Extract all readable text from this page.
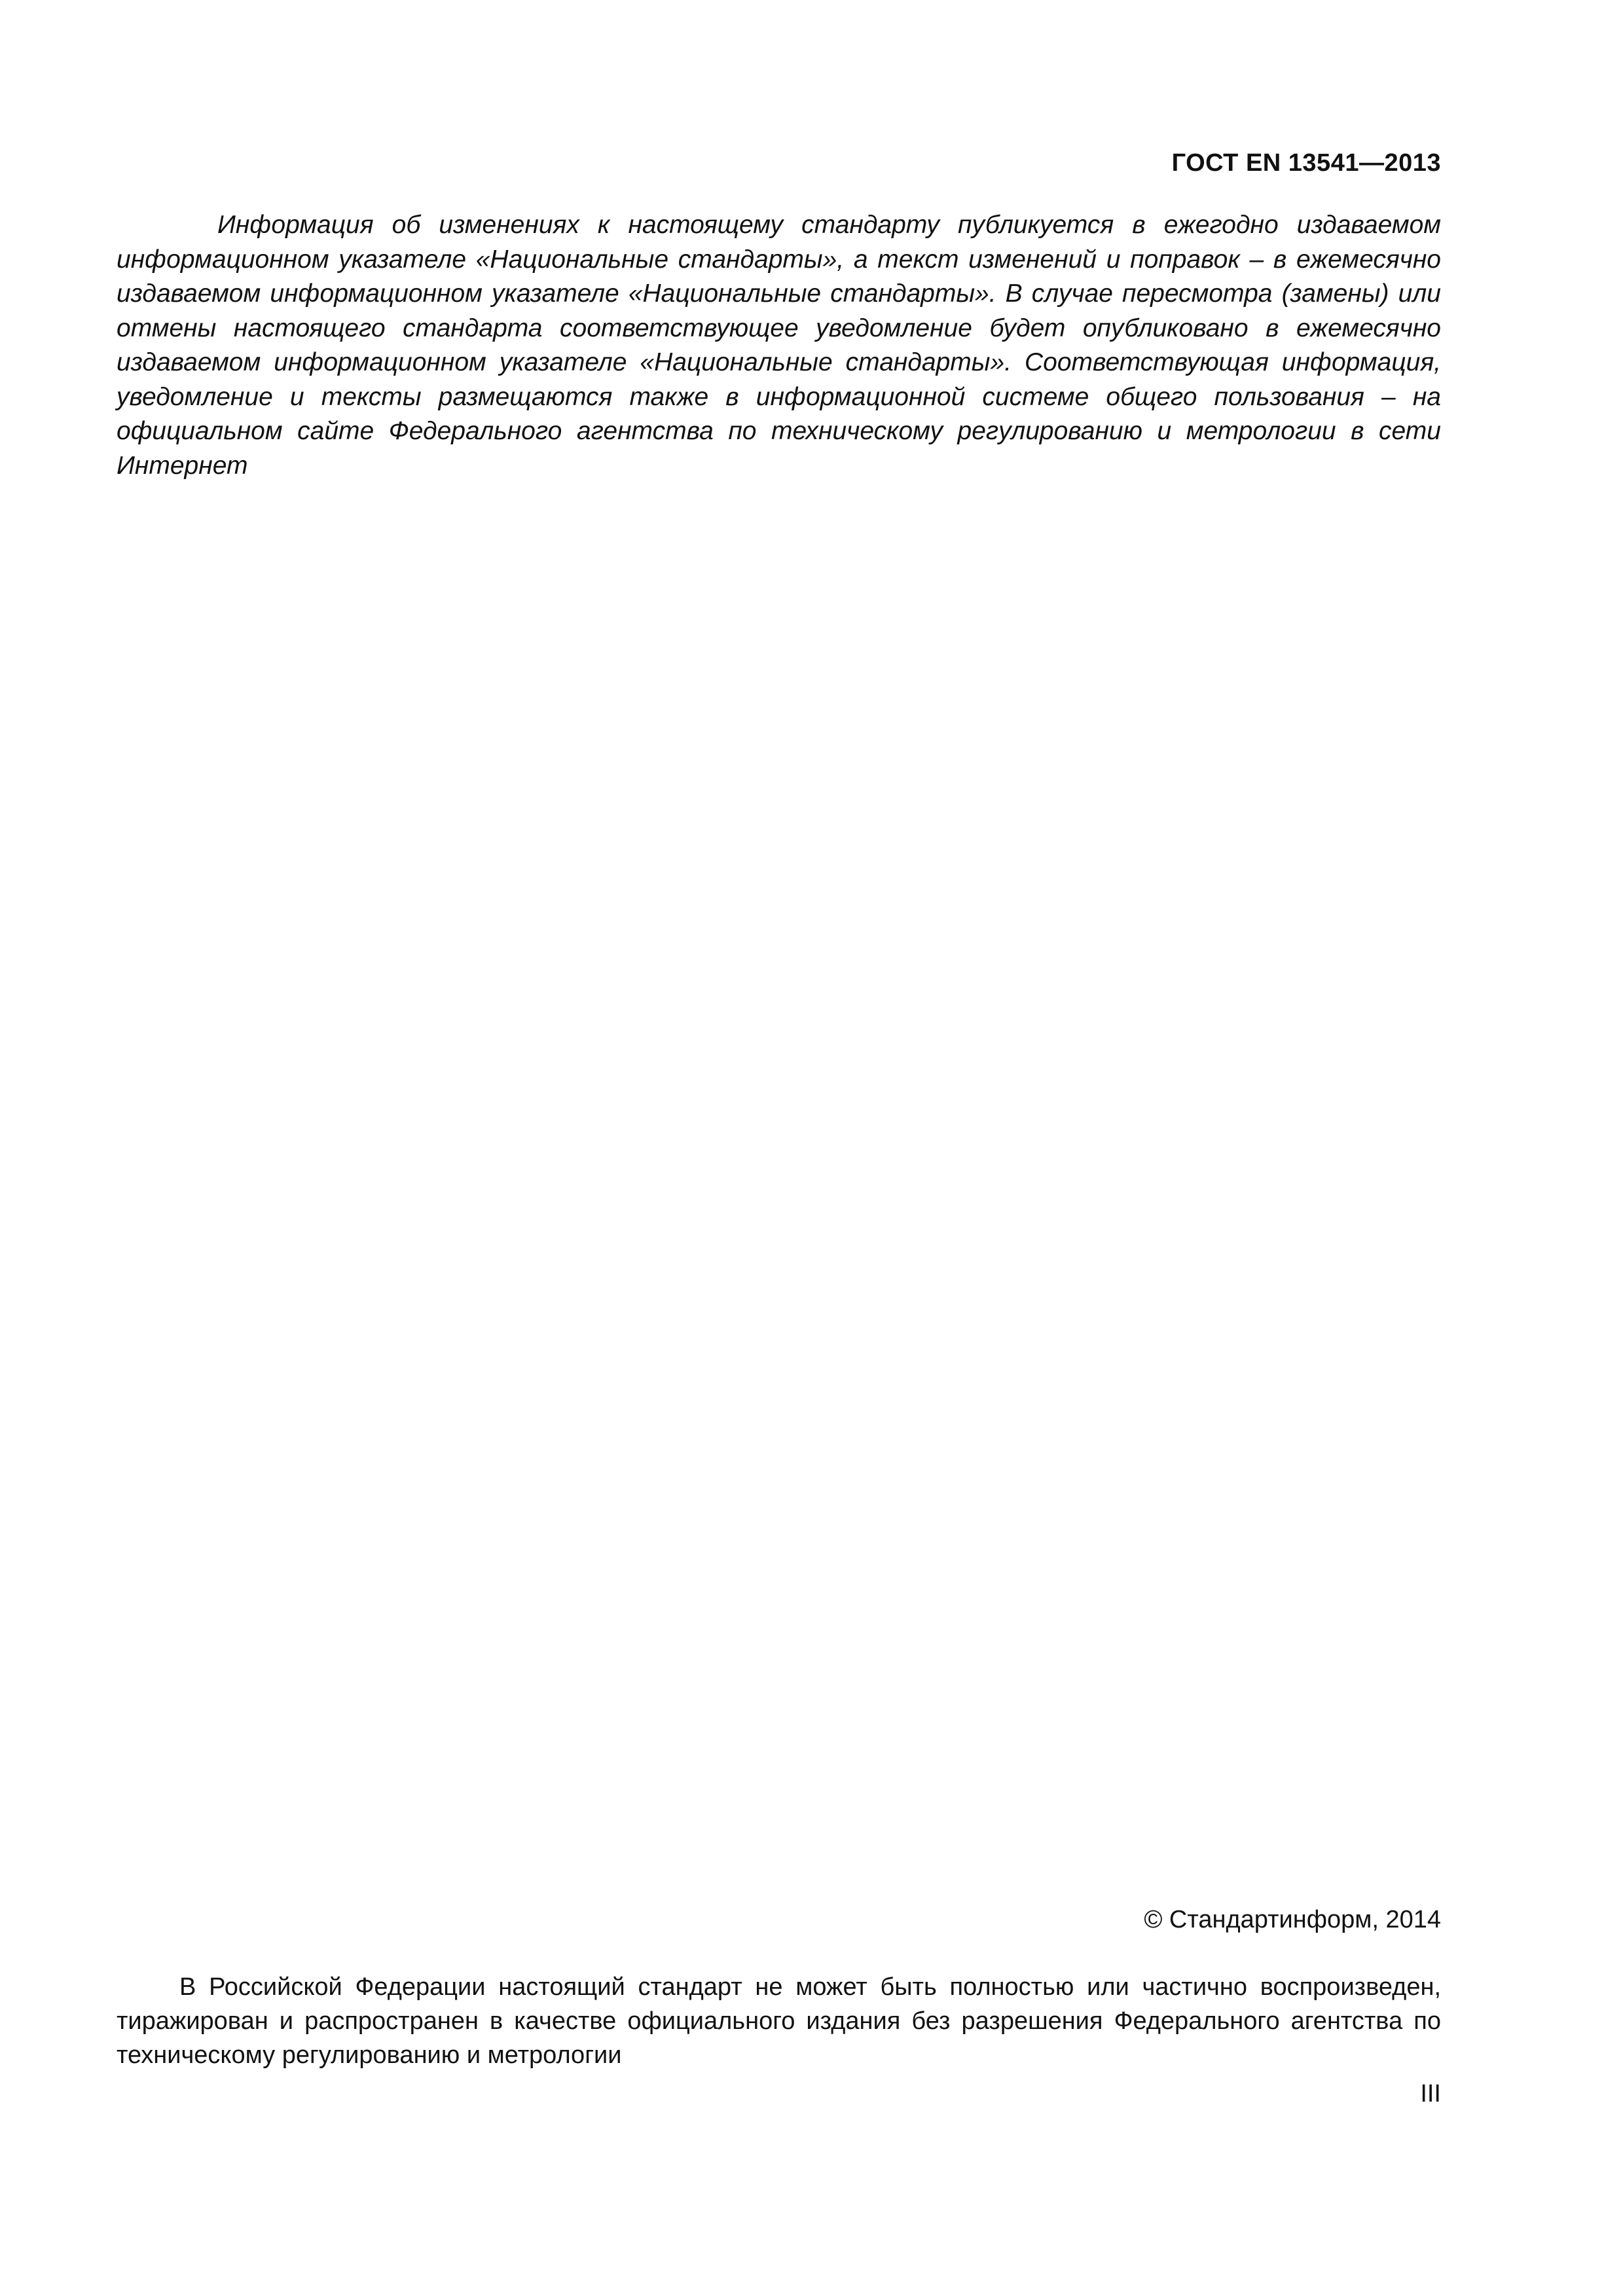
ГОСТ EN 13541—2013

Информация об изменениях к настоящему стандарту публикуется в ежегодно издаваемом информационном указателе «Национальные стандарты», а текст изменений и поправок – в ежемесячно издаваемом информационном указателе «Национальные стандарты». В случае пересмотра (замены) или отмены настоящего стандарта соответствующее уведомление будет опубликовано в ежемесячно издаваемом информационном указателе «Национальные стандарты». Соответствующая информация, уведомление и тексты размещаются также в информационной системе общего пользования – на официальном сайте Федерального агентства по техническому регулированию и метрологии в сети Интернет

© Стандартинформ, 2014

В Российской Федерации настоящий стандарт не может быть полностью или частично воспроизведен, тиражирован и распространен в качестве официального издания без разрешения Федерального агентства по техническому регулированию и метрологии

III
